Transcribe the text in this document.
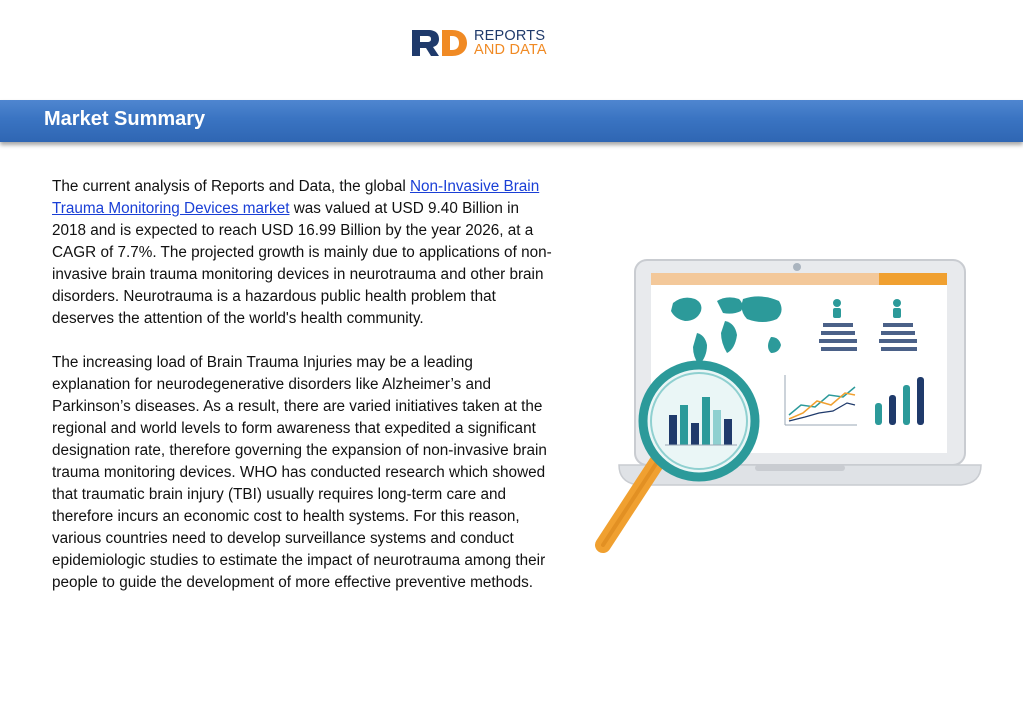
REPORTS
AND DATA
Market Summary

The current analysis of Reports and Data, the global Non-Invasive Brain Trauma Monitoring Devices market was valued at USD 9.40 Billion in 2018 and is expected to reach USD 16.99 Billion by the year 2026, at a CAGR of 7.7%. The projected growth is mainly due to applications of non-invasive brain trauma monitoring devices in neurotrauma and other brain disorders. Neurotrauma is a hazardous public health problem that deserves the attention of the world's health community.

The increasing load of Brain Trauma Injuries may be a leading explanation for neurodegenerative disorders like Alzheimer’s and Parkinson’s diseases. As a result, there are varied initiatives taken at the regional and world levels to form awareness that expedited a significant designation rate, therefore governing the expansion of non-invasive brain trauma monitoring devices. WHO has conducted research which showed that traumatic brain injury (TBI) usually requires long-term care and therefore incurs an economic cost to health systems. For this reason, various countries need to develop surveillance systems and conduct epidemiologic studies to estimate the impact of neurotrauma among their people to guide the development of more effective preventive methods.
